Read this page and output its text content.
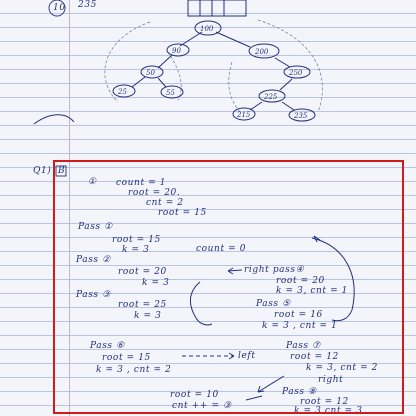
100
90	200
50
25	55
250
225
215	235
10 235
Q1) B
① count = 1
root = 20.
cnt = 2
root = 15
Pass ①
root = 15
k = 3	count = 0
Pass ②
root = 20
k = 3
right pass④
root = 20
k = 3, cnt = 1
Pass ③
root = 25
k = 3
Pass ⑤
root = 16
k = 3 , cnt = 1
Pass ⑥
root = 15
k = 3 , cnt = 2
left
Pass ⑦
root = 12
k = 3, cnt = 2
right
Pass ⑧
root = 12
k = 3 cnt = 3
root = 10
cnt ++ = ③
